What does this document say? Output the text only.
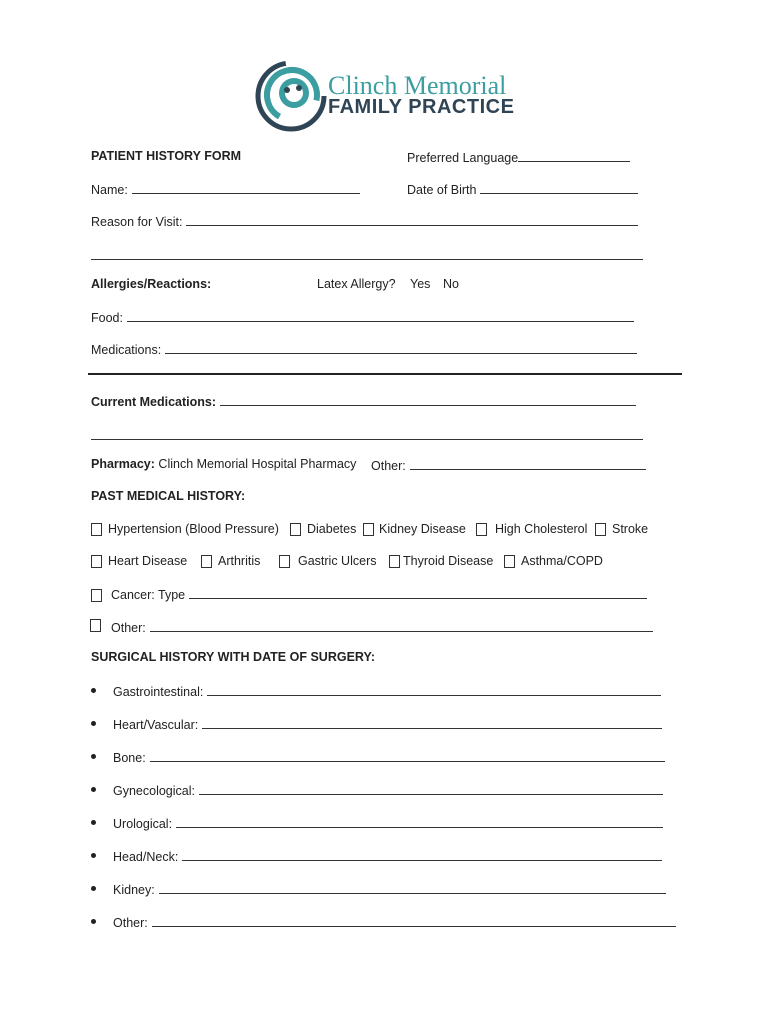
Clinch Memorial
FAMILY PRACTICE
PATIENT HISTORY FORM	Preferred Language
Name:	Date of Birth
Reason for Visit:
Allergies/Reactions:	Latex Allergy? Yes No
Food:
Medications:
Current Medications:
Pharmacy: Clinch Memorial Hospital Pharmacy Other:
PAST MEDICAL HISTORY:
Hypertension (Blood Pressure)	Diabetes	Kidney Disease	High Cholesterol	Stroke
Heart Disease	Arthritis	Gastric Ulcers	Thyroid Disease	Asthma/COPD
Cancer: Type
Other:
SURGICAL HISTORY WITH DATE OF SURGERY:
Gastrointestinal:
Heart/Vascular:
Bone:
Gynecological:
Urological:
Head/Neck:
Kidney:
Other:
